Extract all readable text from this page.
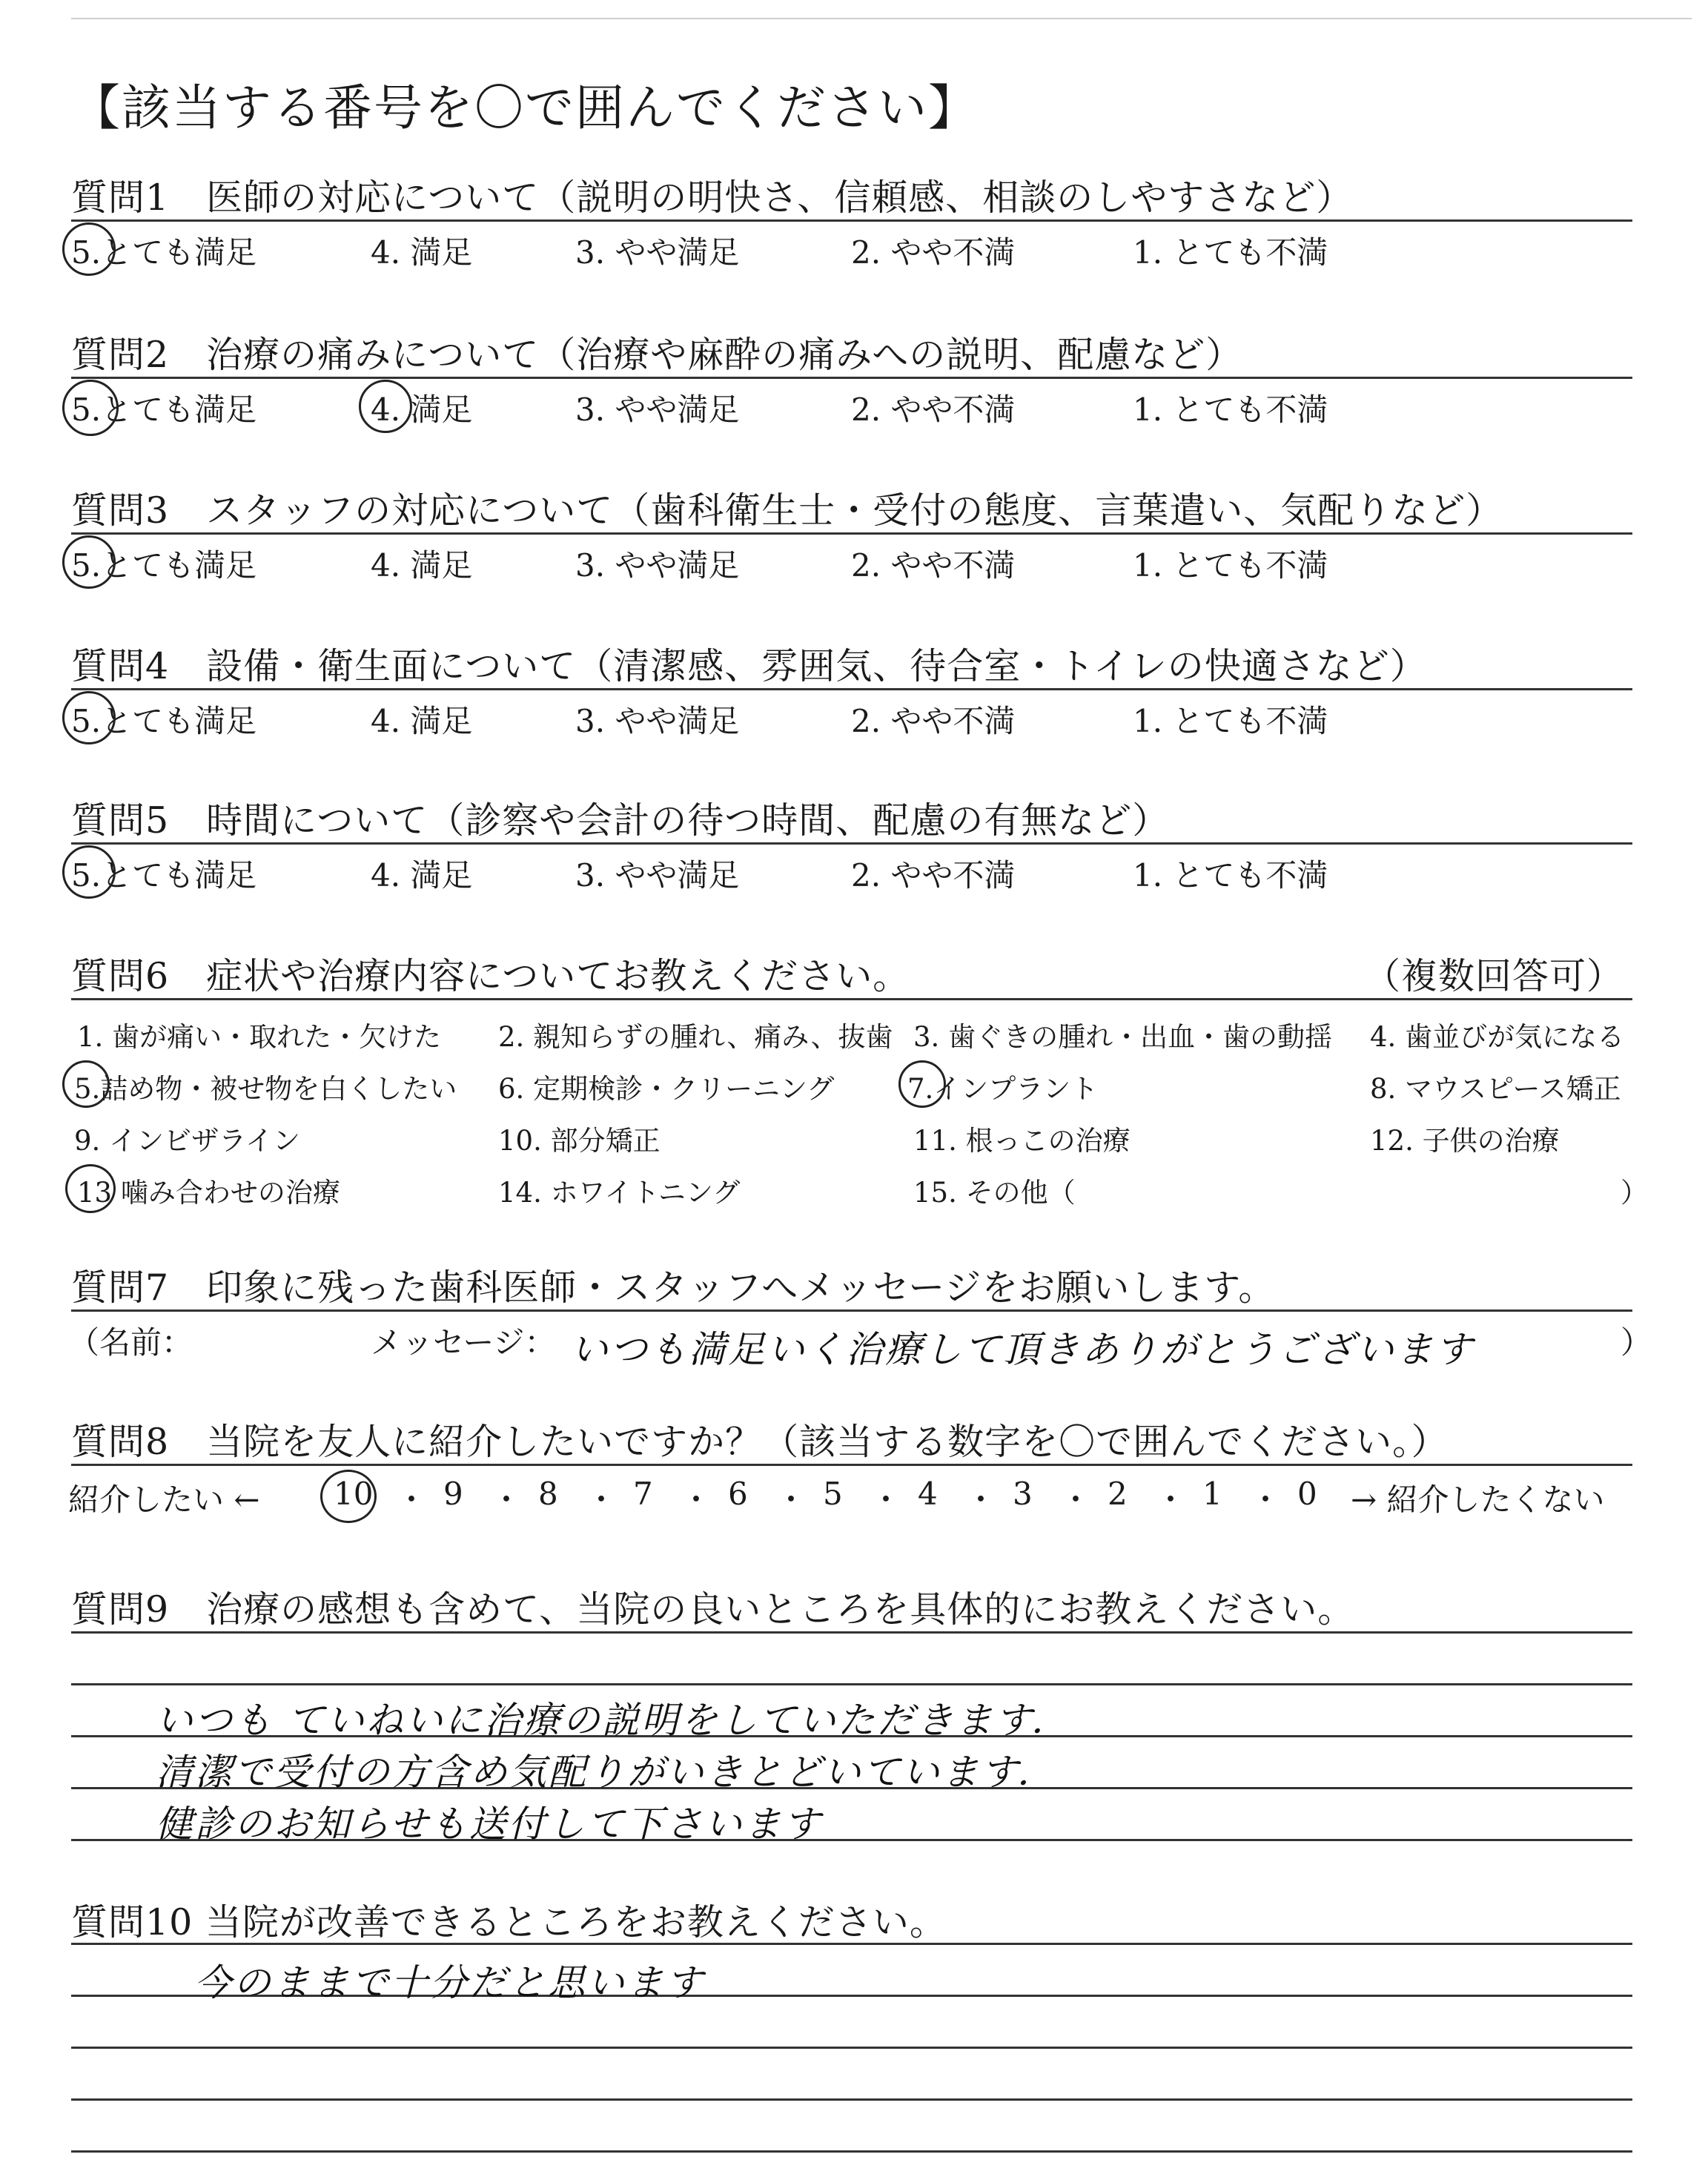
【該当する番号を〇で囲んでください】
質問1　医師の対応について（説明の明快さ、信頼感、相談のしやすさなど）
5.とても満足	4. 満足	3. やや満足	2. やや不満	1. とても不満
質問2　治療の痛みについて（治療や麻酔の痛みへの説明、配慮など）
5.とても満足	4. 満足	3. やや満足	2. やや不満	1. とても不満
質問3　スタッフの対応について（歯科衛生士・受付の態度、言葉遣い、気配りなど）
5.とても満足	4. 満足	3. やや満足	2. やや不満	1. とても不満
質問4　設備・衛生面について（清潔感、雰囲気、待合室・トイレの快適さなど）
5.とても満足	4. 満足	3. やや満足	2. やや不満	1. とても不満
質問5　時間について（診察や会計の待つ時間、配慮の有無など）
5.とても満足	4. 満足	3. やや満足	2. やや不満	1. とても不満
質問6　症状や治療内容についてお教えください。	（複数回答可）
1. 歯が痛い・取れた・欠けた 2. 親知らずの腫れ、痛み、抜歯 3. 歯ぐきの腫れ・出血・歯の動揺 4. 歯並びが気になる
5.詰め物・被せ物を白くしたい 6. 定期検診・クリーニング	7.インプラント	8. マウスピース矯正
9. インビザライン	10. 部分矯正	11. 根っこの治療	12. 子供の治療
13 噛み合わせの治療	14. ホワイトニング	15. その他（	）
質問7　印象に残った歯科医師・スタッフへメッセージをお願いします。
（名前：	メッセージ： いつも満足いく治療して頂きありがとうございます	）
質問8　当院を友人に紹介したいですか？（該当する数字を〇で囲んでください。）
紹介したい ← 10 ・ 9 ・ 8 ・ 7 ・ 6 ・ 5 ・ 4 ・ 3 ・ 2 ・ 1 ・ 0 → 紹介したくない
質問9　治療の感想も含めて、当院の良いところを具体的にお教えください。
いつも ていねいに治療の説明をしていただきます．
清潔で受付の方含め気配りがいきとどいています．
健診のお知らせも送付して下さいます
質問10 当院が改善できるところをお教えください。
今のままで十分だと思います
